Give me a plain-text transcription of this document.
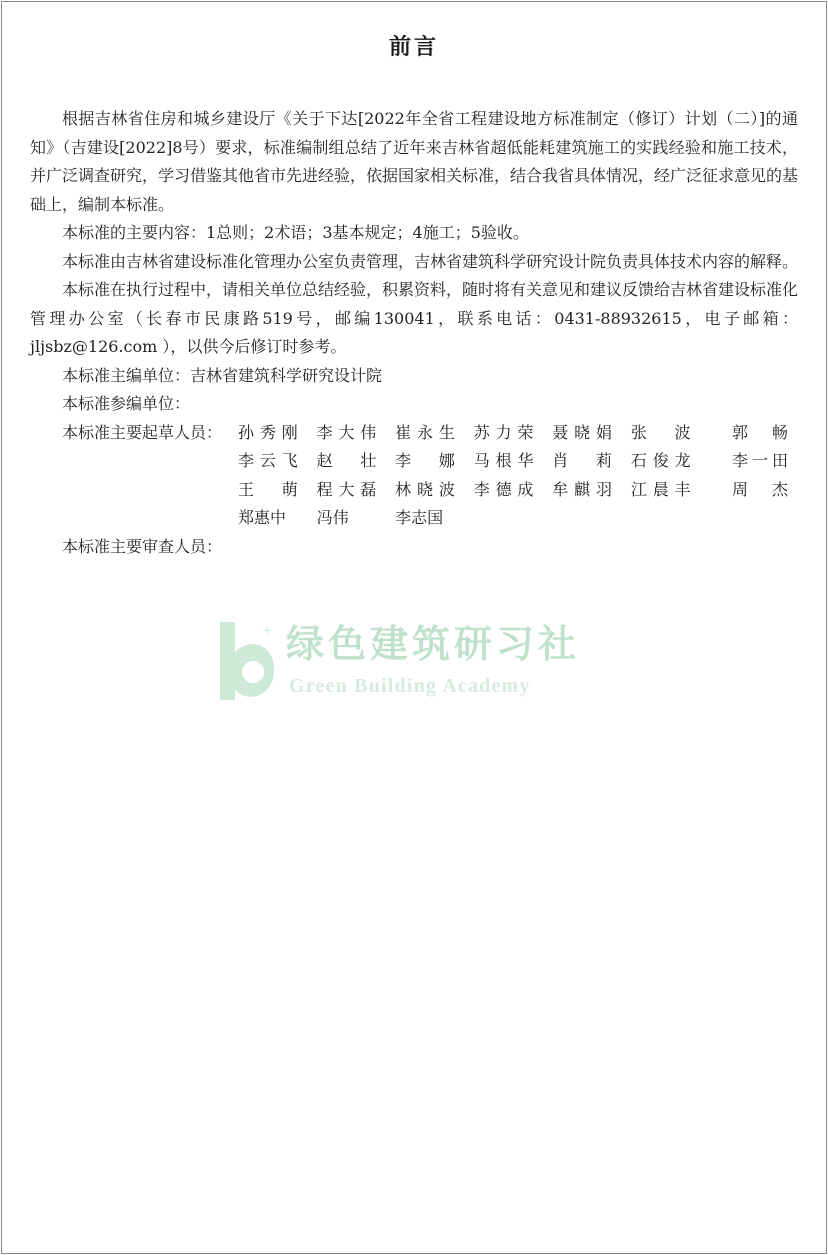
前言

根据吉林省住房和城乡建设厅《关于下达[2022年全省工程建设地方标准制定（修订）计划（二）]的通知》（吉建设[2022]8号）要求，标准编制组总结了近年来吉林省超低能耗建筑施工的实践经验和施工技术，并广泛调查研究，学习借鉴其他省市先进经验，依据国家相关标准，结合我省具体情况，经广泛征求意见的基础上，编制本标准。

本标准的主要内容：1总则；2术语；3基本规定；4施工；5验收。

本标准由吉林省建设标准化管理办公室负责管理，吉林省建筑科学研究设计院负责具体技术内容的解释。

本标准在执行过程中，请相关单位总结经验，积累资料，随时将有关意见和建议反馈给吉林省建设标准化管理办公室（长春市民康路519号，邮编130041，联系电话：0431-88932615，电子邮箱：jljsbz@126.com ），以供今后修订时参考。

本标准主编单位：吉林省建筑科学研究设计院

本标准参编单位：

本标准主要起草人员： 孙秀刚 李大伟 崔永生 苏力荣 聂晓娟 张波	郭畅
李云飞 赵壮 李娜 马根华 肖莉 石俊龙	李一田
王萌 程大磊 林晓波 李德成 牟麒羽 江晨丰	周杰
郑惠中	冯伟	李志国

本标准主要审查人员：

+ 绿色建筑研习社
Green Building Academy
